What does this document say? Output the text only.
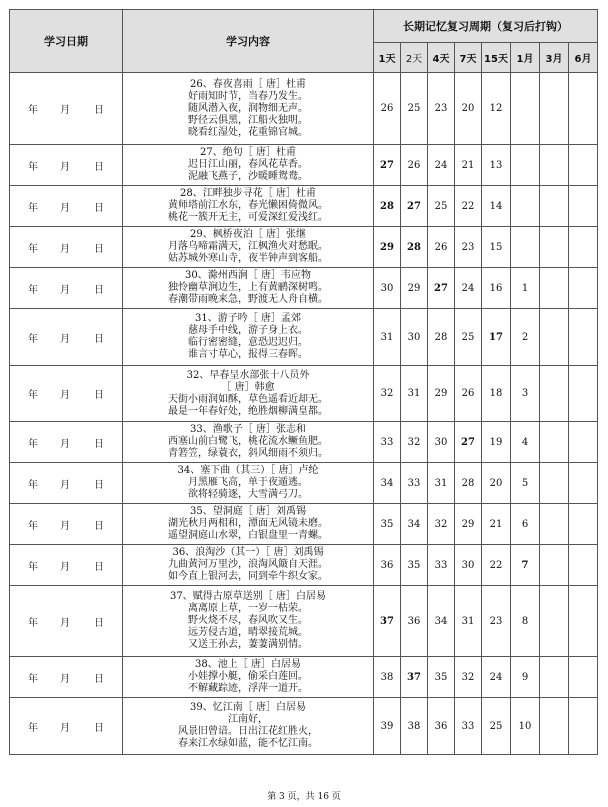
学习日期	学习内容	长期记忆复习周期（复习后打钩）							
		1天	2天	4天	7天	15天	1月	3月	6月
年 月 日	26、春夜喜雨［ 唐］杜甫
好雨知时节，当春乃发生。
随风潜入夜，润物细无声。
野径云俱黑，江船火独明。
晓看红湿处，花重锦官城。	26	25	23	20	12			
年 月 日	27、绝句［ 唐］杜甫
迟日江山丽，春风花草香。
泥融飞燕子，沙暖睡鸳鸯。	27	26	24	21	13			
年 月 日	28、江畔独步寻花［ 唐］杜甫
黄师塔前江水东，春光懒困倚微风。
桃花一簇开无主，可爱深红爱浅红。	28	27	25	22	14			
年 月 日	29、枫桥夜泊［ 唐］张继
月落乌啼霜满天，江枫渔火对愁眠。
姑苏城外寒山寺，夜半钟声到客船。	29	28	26	23	15			
年 月 日	30、滁州西涧［ 唐］韦应物
独怜幽草涧边生，上有黄鹂深树鸣。
春潮带雨晚来急，野渡无人舟自横。	30	29	27	24	16	1		
年 月 日	31、游子吟［ 唐］孟郊
慈母手中线，游子身上衣。
临行密密缝，意恐迟迟归。
谁言寸草心，报得三春晖。	31	30	28	25	17	2		
年 月 日	32、早春呈水部张十八员外
［ 唐］韩愈
天街小雨润如酥，草色遥看近却无。
最是一年春好处，绝胜烟柳满皇都。	32	31	29	26	18	3		
年 月 日	33、渔歌子［ 唐］张志和
西塞山前白鹭飞，桃花流水鳜鱼肥。
青箬笠，绿蓑衣，斜风细雨不须归。	33	32	30	27	19	4		
年 月 日	34、塞下曲（其三）［ 唐］卢纶
月黑雁飞高，单于夜遁逃。
欲将轻骑逐，大雪满弓刀。	34	33	31	28	20	5		
年 月 日	35、望洞庭［ 唐］刘禹锡
湖光秋月两相和，潭面无风镜未磨。
遥望洞庭山水翠，白银盘里一青螺。	35	34	32	29	21	6		
年 月 日	36、浪淘沙（其一）［ 唐］刘禹锡
九曲黄河万里沙，浪淘风簸自天涯。
如今直上银河去，同到牵牛织女家。	36	35	33	30	22	7		
年 月 日	37、赋得古原草送别［ 唐］白居易
离离原上草，一岁一枯荣。
野火烧不尽，春风吹又生。
远芳侵古道，晴翠接荒城。
又送王孙去，萋萋满别情。	37	36	34	31	23	8		
年 月 日	38、池上［ 唐］白居易
小娃撑小艇，偷采白莲回。
不解藏踪迹，浮萍一道开。	38	37	35	32	24	9		
年 月 日	39、忆江南［ 唐］白居易
江南好，
风景旧曾谙。日出江花红胜火，
春来江水绿如蓝，能不忆江南。	39	38	36	33	25	10		
第 3 页，共 16 页
